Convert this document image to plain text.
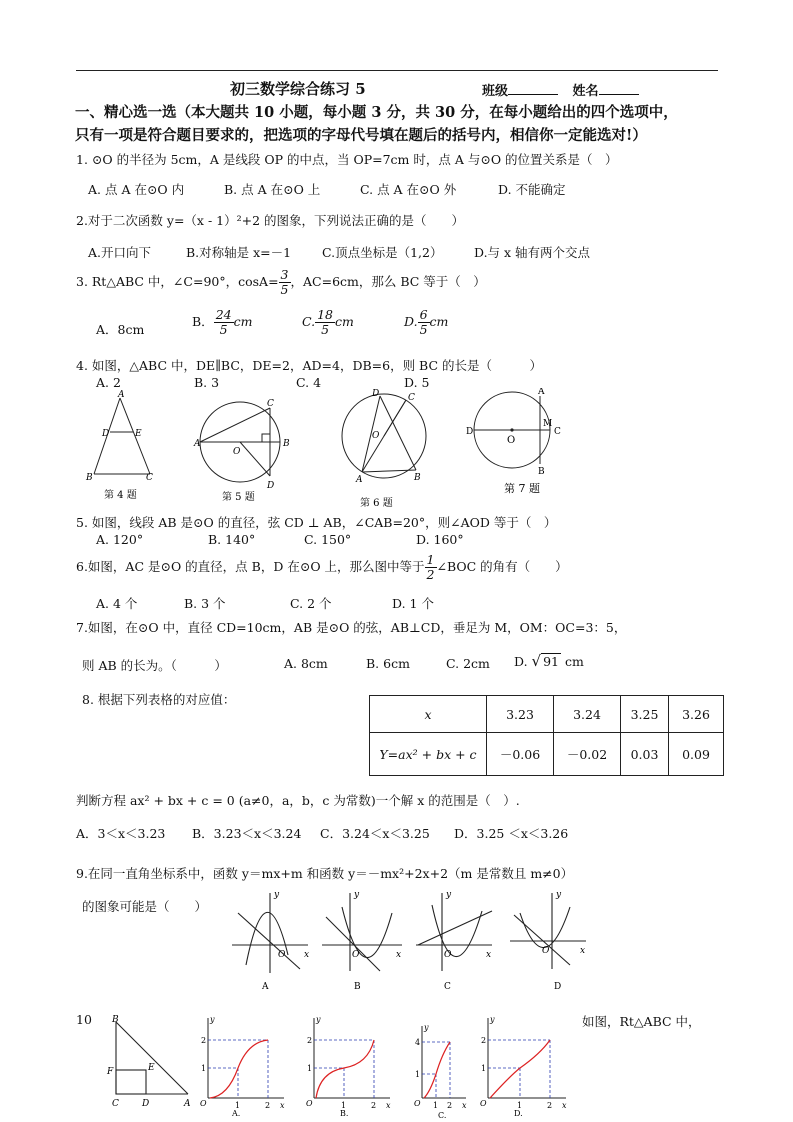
初三数学综合练习 5	班级	姓名
一、精心选一选（本大题共 10 小题，每小题 3 分，共 30 分，在每小题给出的四个选项中，
只有一项是符合题目要求的，把选项的字母代号填在题后的括号内，相信你一定能选对!）
1. ⊙O 的半径为 5cm，A 是线段 OP 的中点，当 OP=7cm 时，点 A 与⊙O 的位置关系是（　）
A. 点 A 在⊙O 内	B. 点 A 在⊙O 上	C. 点 A 在⊙O 外	D. 不能确定
2.对于二次函数 y=（x - 1）²+2 的图象，下列说法正确的是（　　）
A.开口向下	B.对称轴是 x=－1 C.顶点坐标是（1,2）	D.与 x 轴有两个交点
3. Rt△ABC 中，∠C=90°，$\cos A= \frac{3}{5}$ ，AC=6cm，那么 BC 等于（　）
A．8cm
B． $\frac{24}{5}$ cm	C. $\frac{18}{5}$ cm	D. $\frac{6}{5}$ cm
4. 如图，△ABC 中，DE∥BC，DE=2，AD=4，DB=6，则 BC 的长是（　　　）
A. 2	B. 3	C. 4	D. 5
A
D	E
B	C
第 4 题
A	B
C
D
O
第 5 题
D	C
O
A	B
第 6 题
D
O
A
M
C
B
第 7 题
5. 如图，线段 AB 是⊙O 的直径，弦 CD ⊥ AB，∠CAB=20°，则∠AOD 等于（　）
A. 120°	B. 140°	C. 150°	D. 160°
6.如图，AC 是⊙O 的直径，点 B，D 在⊙O 上，那么图中等于 $\frac{1}{2}$ ∠BOC 的角有（　　）
A. 4 个	B. 3 个	C. 2 个	D. 1 个
7.如图，在⊙O 中，直径 CD=10cm，AB 是⊙O 的弦，AB⊥CD，垂足为 M，OM：OC=3：5，
则 AB 的长为。（　　　）	A. 8cm	B. 6cm	C. 2cm D. √ 91 cm
8. 根据下列表格的对应值：
x	3.23	3.24	3.25	3.26
Y=ax² + bx + c	－0.06	－0.02	0.03	0.09
判断方程 ax² + bx + c = 0 (a≠0，a，b，c 为常数)一个解 x 的范围是（　）.
A．3＜x＜3.23 B．3.23＜x＜3.24 C．3.24＜x＜3.25 D．3.25 ＜x＜3.26
9.在同一直角坐标系中，函数 y＝mx+m 和函数 y＝－mx²+2x+2（m 是常数且 m≠0）
的图象可能是（　　）
y
x
O
y
x
O
y
x
O
y
x
O
A	B	C	D
10	如图，Rt△ABC 中，
B
F	E
C	D	A
y
x
O
2
1
1	2
A.
y
x
O
2
1
1	2
B.
y
x
O
4
1
1 2
C.
y
x
O
2
1
1	2
D.
